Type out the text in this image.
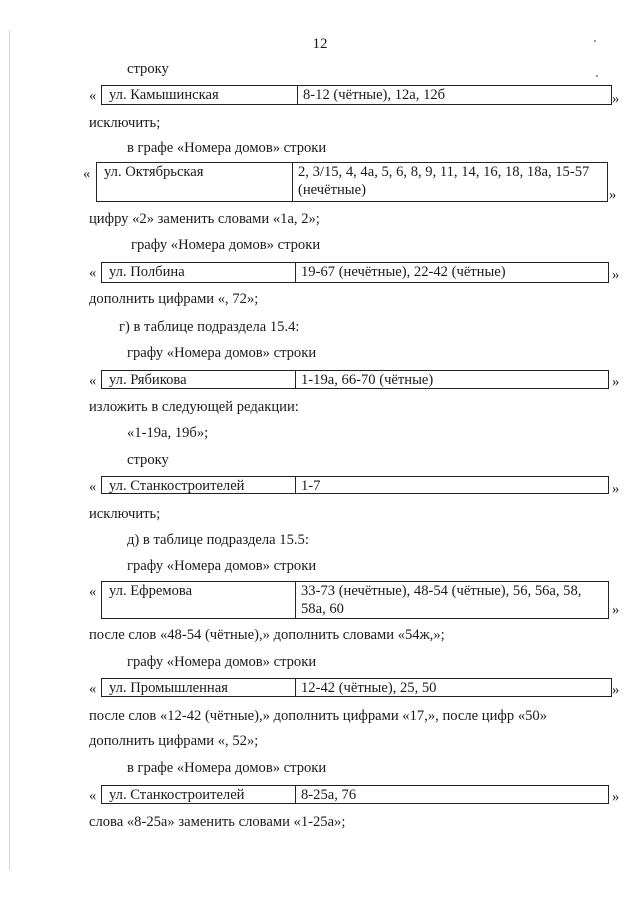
12
строку
« ул. Камышинская	8-12 (чётные), 12а, 12б	»
исключить;
в графе «Номера домов» строки
« ул. Октябрьская	2, 3/15, 4, 4а, 5, 6, 8, 9, 11, 14, 16, 18, 18а, 15-57
(нечётные)	»
цифру «2» заменить словами «1а, 2»;
графу «Номера домов» строки
« ул. Полбина	19-67 (нечётные), 22-42 (чётные)	»
дополнить цифрами «, 72»;
г) в таблице подраздела 15.4:
графу «Номера домов» строки
« ул. Рябикова	1-19а, 66-70 (чётные)	»
изложить в следующей редакции:
«1-19а, 19б»;
строку
« ул. Станкостроителей	1-7	»
исключить;
д) в таблице подраздела 15.5:
графу «Номера домов» строки
« ул. Ефремова	33-73 (нечётные), 48-54 (чётные), 56, 56а, 58,
58а, 60	»
после слов «48-54 (чётные),» дополнить словами «54ж,»;
графу «Номера домов» строки
« ул. Промышленная	12-42 (чётные), 25, 50	»
после слов «12-42 (чётные),» дополнить цифрами «17,», после цифр «50»
дополнить цифрами «, 52»;
в графе «Номера домов» строки
« ул. Станкостроителей	8-25а, 76	»
слова «8-25а» заменить словами «1-25а»;
